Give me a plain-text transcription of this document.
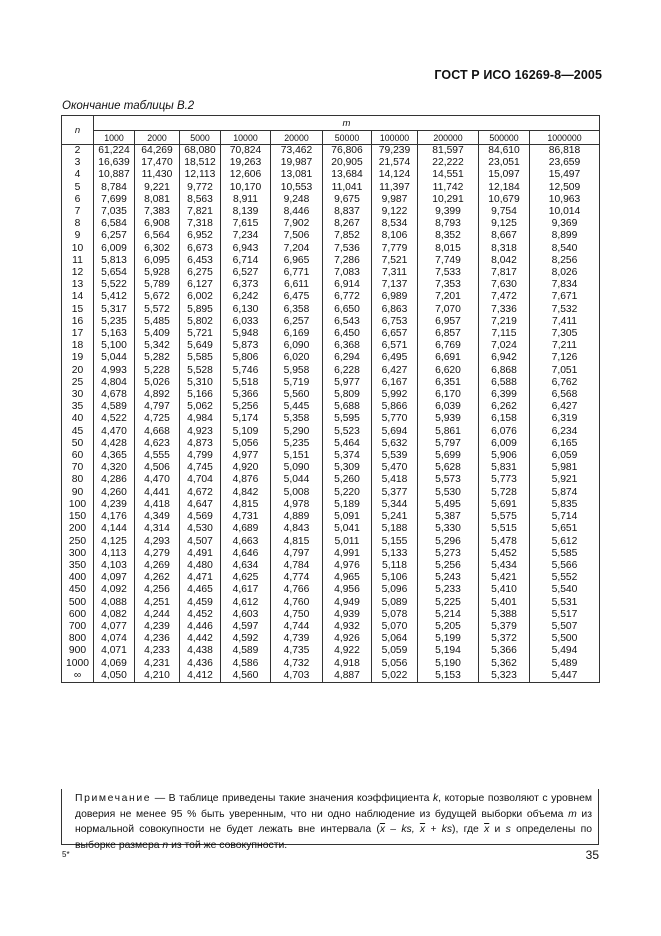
ГОСТ Р ИСО 16269-8—2005
Окончание таблицы В.2
n	m									
	1000	2000	5000	10000	20000	50000	100000	200000	500000	1000000
2	61,224	64,269	68,080	70,824	73,462	76,806	79,239	81,597	84,610	86,818
3	16,639	17,470	18,512	19,263	19,987	20,905	21,574	22,222	23,051	23,659
4	10,887	11,430	12,113	12,606	13,081	13,684	14,124	14,551	15,097	15,497
5	8,784	9,221	9,772	10,170	10,553	11,041	11,397	11,742	12,184	12,509
6	7,699	8,081	8,563	8,911	9,248	9,675	9,987	10,291	10,679	10,963
7	7,035	7,383	7,821	8,139	8,446	8,837	9,122	9,399	9,754	10,014
8	6,584	6,908	7,318	7,615	7,902	8,267	8,534	8,793	9,125	9,369
9	6,257	6,564	6,952	7,234	7,506	7,852	8,106	8,352	8,667	8,899
10	6,009	6,302	6,673	6,943	7,204	7,536	7,779	8,015	8,318	8,540
11	5,813	6,095	6,453	6,714	6,965	7,286	7,521	7,749	8,042	8,256
12	5,654	5,928	6,275	6,527	6,771	7,083	7,311	7,533	7,817	8,026
13	5,522	5,789	6,127	6,373	6,611	6,914	7,137	7,353	7,630	7,834
14	5,412	5,672	6,002	6,242	6,475	6,772	6,989	7,201	7,472	7,671
15	5,317	5,572	5,895	6,130	6,358	6,650	6,863	7,070	7,336	7,532
16	5,235	5,485	5,802	6,033	6,257	6,543	6,753	6,957	7,219	7,411
17	5,163	5,409	5,721	5,948	6,169	6,450	6,657	6,857	7,115	7,305
18	5,100	5,342	5,649	5,873	6,090	6,368	6,571	6,769	7,024	7,211
19	5,044	5,282	5,585	5,806	6,020	6,294	6,495	6,691	6,942	7,126
20	4,993	5,228	5,528	5,746	5,958	6,228	6,427	6,620	6,868	7,051
25	4,804	5,026	5,310	5,518	5,719	5,977	6,167	6,351	6,588	6,762
30	4,678	4,892	5,166	5,366	5,560	5,809	5,992	6,170	6,399	6,568
35	4,589	4,797	5,062	5,256	5,445	5,688	5,866	6,039	6,262	6,427
40	4,522	4,725	4,984	5,174	5,358	5,595	5,770	5,939	6,158	6,319
45	4,470	4,668	4,923	5,109	5,290	5,523	5,694	5,861	6,076	6,234
50	4,428	4,623	4,873	5,056	5,235	5,464	5,632	5,797	6,009	6,165
60	4,365	4,555	4,799	4,977	5,151	5,374	5,539	5,699	5,906	6,059
70	4,320	4,506	4,745	4,920	5,090	5,309	5,470	5,628	5,831	5,981
80	4,286	4,470	4,704	4,876	5,044	5,260	5,418	5,573	5,773	5,921
90	4,260	4,441	4,672	4,842	5,008	5,220	5,377	5,530	5,728	5,874
100	4,239	4,418	4,647	4,815	4,978	5,189	5,344	5,495	5,691	5,835
150	4,176	4,349	4,569	4,731	4,889	5,091	5,241	5,387	5,575	5,714
200	4,144	4,314	4,530	4,689	4,843	5,041	5,188	5,330	5,515	5,651
250	4,125	4,293	4,507	4,663	4,815	5,011	5,155	5,296	5,478	5,612
300	4,113	4,279	4,491	4,646	4,797	4,991	5,133	5,273	5,452	5,585
350	4,103	4,269	4,480	4,634	4,784	4,976	5,118	5,256	5,434	5,566
400	4,097	4,262	4,471	4,625	4,774	4,965	5,106	5,243	5,421	5,552
450	4,092	4,256	4,465	4,617	4,766	4,956	5,096	5,233	5,410	5,540
500	4,088	4,251	4,459	4,612	4,760	4,949	5,089	5,225	5,401	5,531
600	4,082	4,244	4,452	4,603	4,750	4,939	5,078	5,214	5,388	5,517
700	4,077	4,239	4,446	4,597	4,744	4,932	5,070	5,205	5,379	5,507
800	4,074	4,236	4,442	4,592	4,739	4,926	5,064	5,199	5,372	5,500
900	4,071	4,233	4,438	4,589	4,735	4,922	5,059	5,194	5,366	5,494
1000	4,069	4,231	4,436	4,586	4,732	4,918	5,056	5,190	5,362	5,489
∞	4,050	4,210	4,412	4,560	4,703	4,887	5,022	5,153	5,323	5,447

Примечание — В таблице приведены такие значения коэффициента k, которые позволяют с уровнем доверия не менее 95 % быть уверенным, что ни одно наблюдение из будущей выборки объема m из нормальной совокупности не будет лежать вне интервала ($\overline{x}$ – ks, $\overline{x} + ks$), где $\overline{x}$ и s определены по выборке размера n из той же совокупности.

5*	35
